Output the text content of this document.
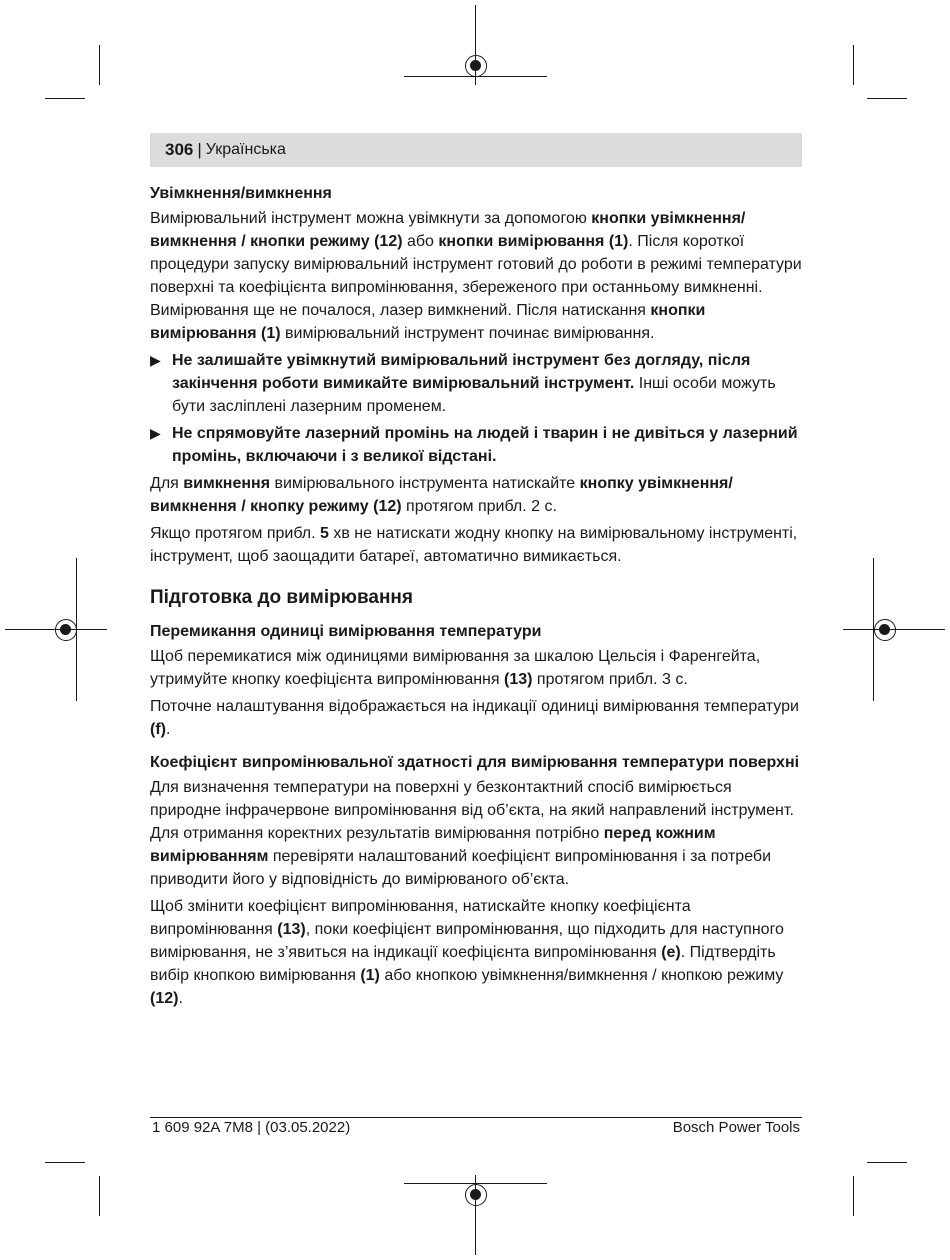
306 | Українська
Увімкнення/вимкнення

Вимірювальний інструмент можна увімкнути за допомогою кнопки увімкнення/ вимкнення / кнопки режиму (12) або кнопки вимірювання (1). Після короткої процедури запуску вимірювальний інструмент готовий до роботи в режимі температури поверхні та коефіцієнта випромінювання, збереженого при останньому вимкненні. Вимірювання ще не почалося, лазер вимкнений. Після натискання кнопки вимірювання (1) вимірювальний інструмент починає вимірювання.

▶ Не залишайте увімкнутий вимірювальний інструмент без догляду, після закінчення роботи вимикайте вимірювальний інструмент. Інші особи можуть бути засліплені лазерним променем.
▶ Не спрямовуйте лазерний промінь на людей і тварин і не дивіться у лазерний промінь, включаючи і з великої відстані.

Для вимкнення вимірювального інструмента натискайте кнопку увімкнення/ вимкнення / кнопку режиму (12) протягом прибл. 2 с.

Якщо протягом прибл. 5 хв не натискати жодну кнопку на вимірювальному інструменті, інструмент, щоб заощадити батареї, автоматично вимикається.

Підготовка до вимірювання
Перемикання одиниці вимірювання температури

Щоб перемикатися між одиницями вимірювання за шкалою Цельсія і Фаренгейта, утримуйте кнопку коефіцієнта випромінювання (13) протягом прибл. 3 с.

Поточне налаштування відображається на індикації одиниці вимірювання температури (f).

Коефіцієнт випромінювальної здатності для вимірювання температури поверхні

Для визначення температури на поверхні у безконтактний спосіб вимірюється природне інфрачервоне випромінювання від об’єкта, на який направлений інструмент. Для отримання коректних результатів вимірювання потрібно перед кожним вимірюванням перевіряти налаштований коефіцієнт випромінювання і за потреби приводити його у відповідність до вимірюваного об’єкта.

Щоб змінити коефіцієнт випромінювання, натискайте кнопку коефіцієнта випромінювання (13), поки коефіцієнт випромінювання, що підходить для наступного вимірювання, не з’явиться на індикації коефіцієнта випромінювання (e). Підтвердіть вибір кнопкою вимірювання (1) або кнопкою увімкнення/вимкнення / кнопкою режиму (12).

1 609 92A 7M8 | (03.05.2022)	Bosch Power Tools
